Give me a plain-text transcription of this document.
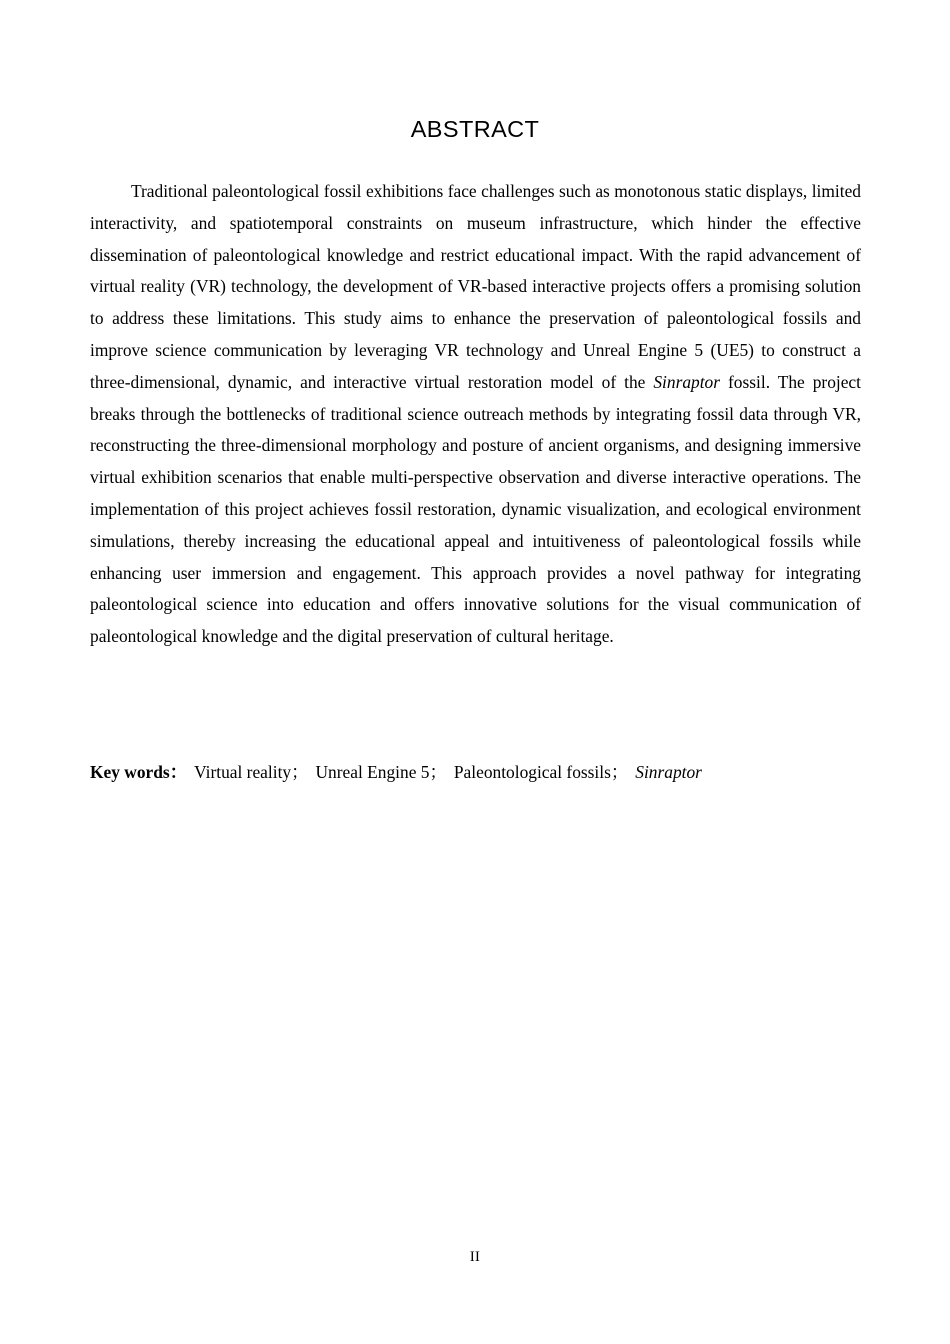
ABSTRACT

Traditional paleontological fossil exhibitions face challenges such as monotonous static displays, limited interactivity, and spatiotemporal constraints on museum infrastructure, which hinder the effective dissemination of paleontological knowledge and restrict educational impact. With the rapid advancement of virtual reality (VR) technology, the development of VR-based interactive projects offers a promising solution to address these limitations. This study aims to enhance the preservation of paleontological fossils and improve science communication by leveraging VR technology and Unreal Engine 5 (UE5) to construct a three-dimensional, dynamic, and interactive virtual restoration model of the Sinraptor fossil. The project breaks through the bottlenecks of traditional science outreach methods by integrating fossil data through VR, reconstructing the three-dimensional morphology and posture of ancient organisms, and designing immersive virtual exhibition scenarios that enable multi-perspective observation and diverse interactive operations. The implementation of this project achieves fossil restoration, dynamic visualization, and ecological environment simulations, thereby increasing the educational appeal and intuitiveness of paleontological fossils while enhancing user immersion and engagement. This approach provides a novel pathway for integrating paleontological science into education and offers innovative solutions for the visual communication of paleontological knowledge and the digital preservation of cultural heritage.

Key words： Virtual reality； Unreal Engine 5； Paleontological fossils； Sinraptor
II
